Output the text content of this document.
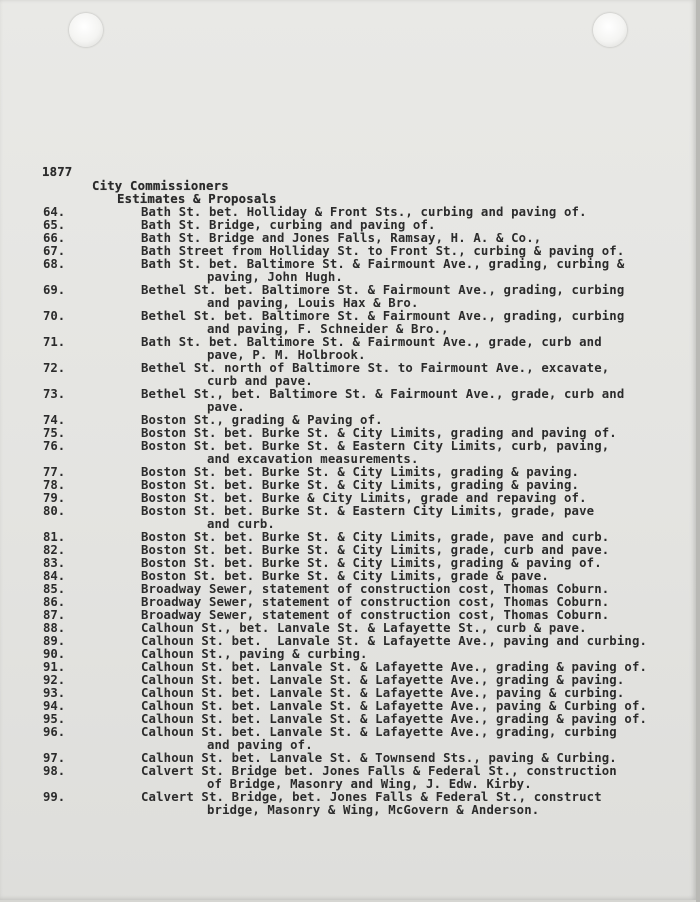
1877
City Commissioners
Estimates & Proposals
64.	Bath St. bet. Holliday & Front Sts., curbing and paving of.
65.	Bath St. Bridge, curbing and paving of.
66.	Bath St. Bridge and Jones Falls, Ramsay, H. A. & Co.,
67.	Bath Street from Holliday St. to Front St., curbing & paving of.
68.	Bath St. bet. Baltimore St. & Fairmount Ave., grading, curbing &
paving, John Hugh.
69.	Bethel St. bet. Baltimore St. & Fairmount Ave., grading, curbing
and paving, Louis Hax & Bro.
70.	Bethel St. bet. Baltimore St. & Fairmount Ave., grading, curbing
and paving, F. Schneider & Bro.,
71.	Bath St. bet. Baltimore St. & Fairmount Ave., grade, curb and
pave, P. M. Holbrook.
72.	Bethel St. north of Baltimore St. to Fairmount Ave., excavate,
curb and pave.
73.	Bethel St., bet. Baltimore St. & Fairmount Ave., grade, curb and
pave.
74.	Boston St., grading & Paving of.
75.	Boston St. bet. Burke St. & City Limits, grading and paving of.
76.	Boston St. bet. Burke St. & Eastern City Limits, curb, paving,
and excavation measurements.
77.	Boston St. bet. Burke St. & City Limits, grading & paving.
78.	Boston St. bet. Burke St. & City Limits, grading & paving.
79.	Boston St. bet. Burke & City Limits, grade and repaving of.
80.	Boston St. bet. Burke St. & Eastern City Limits, grade, pave
and curb.
81.	Boston St. bet. Burke St. & City Limits, grade, pave and curb.
82.	Boston St. bet. Burke St. & City Limits, grade, curb and pave.
83.	Boston St. bet. Burke St. & City Limits, grading & paving of.
84.	Boston St. bet. Burke St. & City Limits, grade & pave.
85.	Broadway Sewer, statement of construction cost, Thomas Coburn.
86.	Broadway Sewer, statement of construction cost, Thomas Coburn.
87.	Broadway Sewer, statement of construction cost, Thomas Coburn.
88.	Calhoun St., bet. Lanvale St. & Lafayette St., curb & pave.
89.	Calhoun St. bet.  Lanvale St. & Lafayette Ave., paving and curbing.
90.	Calhoun St., paving & curbing.
91.	Calhoun St. bet. Lanvale St. & Lafayette Ave., grading & paving of.
92.	Calhoun St. bet. Lanvale St. & Lafayette Ave., grading & paving.
93.	Calhoun St. bet. Lanvale St. & Lafayette Ave., paving & curbing.
94.	Calhoun St. bet. Lanvale St. & Lafayette Ave., paving & Curbing of.
95.	Calhoun St. bet. Lanvale St. & Lafayette Ave., grading & paving of.
96.	Calhoun St. bet. Lanvale St. & Lafayette Ave., grading, curbing
and paving of.
97.	Calhoun St. bet. Lanvale St. & Townsend Sts., paving & Curbing.
98.	Calvert St. Bridge bet. Jones Falls & Federal St., construction
of Bridge, Masonry and Wing, J. Edw. Kirby.
99.	Calvert St. Bridge, bet. Jones Falls & Federal St., construct
bridge, Masonry & Wing, McGovern & Anderson.
